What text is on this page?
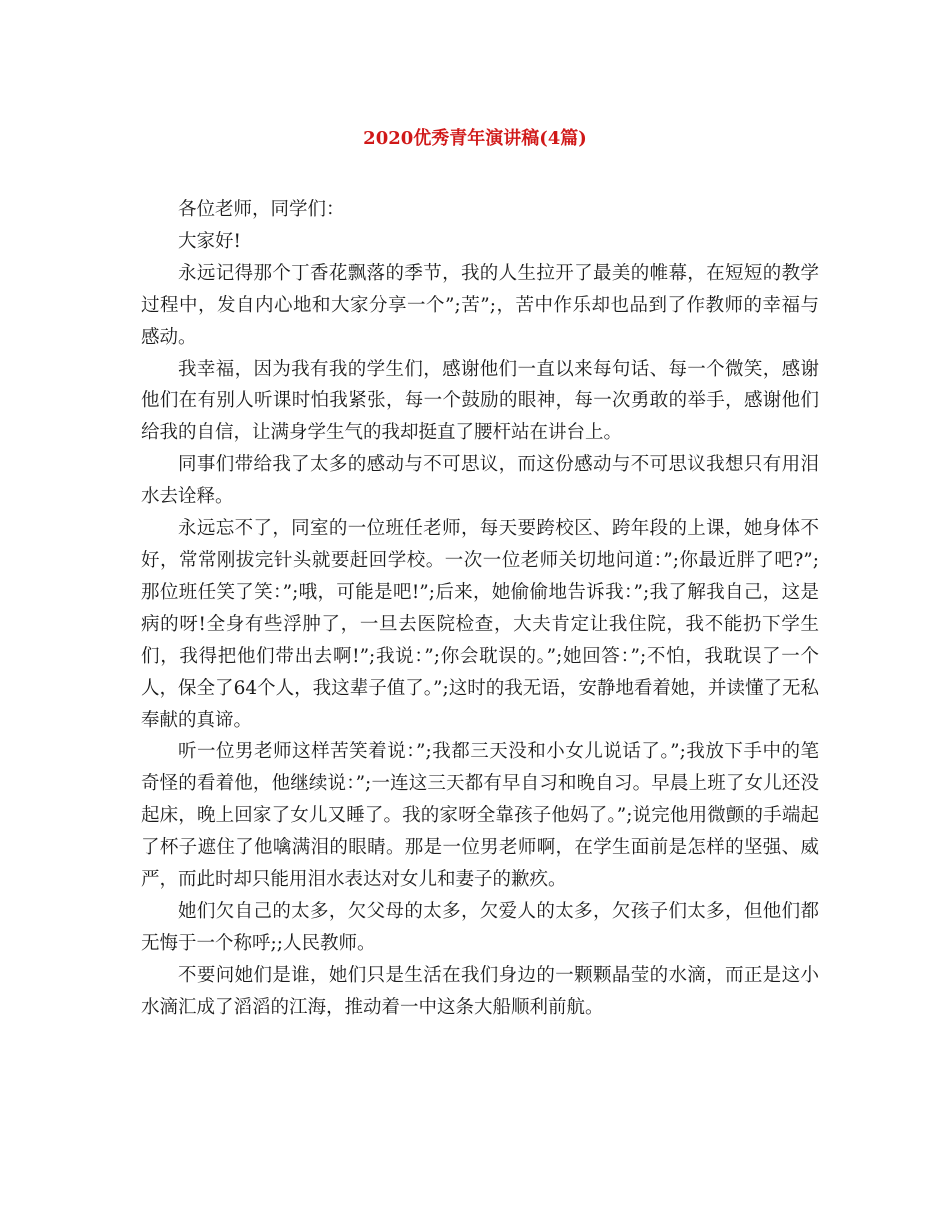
2020优秀青年演讲稿(4篇)

各位老师，同学们：

大家好!

永远记得那个丁香花飘落的季节，我的人生拉开了最美的帷幕，在短短的教学过程中，发自内心地和大家分享一个”;苦”;，苦中作乐却也品到了作教师的幸福与感动。

我幸福，因为我有我的学生们，感谢他们一直以来每句话、每一个微笑，感谢他们在有别人听课时怕我紧张，每一个鼓励的眼神，每一次勇敢的举手，感谢他们给我的自信，让满身学生气的我却挺直了腰杆站在讲台上。

同事们带给我了太多的感动与不可思议，而这份感动与不可思议我想只有用泪水去诠释。

永远忘不了，同室的一位班任老师，每天要跨校区、跨年段的上课，她身体不好，常常刚拔完针头就要赶回学校。一次一位老师关切地问道：”;你最近胖了吧?”;那位班任笑了笑：”;哦，可能是吧!”;后来，她偷偷地告诉我：”;我了解我自己，这是病的呀!全身有些浮肿了，一旦去医院检查，大夫肯定让我住院，我不能扔下学生们，我得把他们带出去啊!”;我说：”;你会耽误的。”;她回答：”;不怕，我耽误了一个人，保全了64个人，我这辈子值了。”;这时的我无语，安静地看着她，并读懂了无私奉献的真谛。

听一位男老师这样苦笑着说：”;我都三天没和小女儿说话了。”;我放下手中的笔奇怪的看着他，他继续说：”;一连这三天都有早自习和晚自习。早晨上班了女儿还没起床，晚上回家了女儿又睡了。我的家呀全靠孩子他妈了。”;说完他用微颤的手端起了杯子遮住了他噙满泪的眼睛。那是一位男老师啊，在学生面前是怎样的坚强、威严，而此时却只能用泪水表达对女儿和妻子的歉疚。

她们欠自己的太多，欠父母的太多，欠爱人的太多，欠孩子们太多，但他们都无悔于一个称呼;;人民教师。

不要问她们是谁，她们只是生活在我们身边的一颗颗晶莹的水滴，而正是这小水滴汇成了滔滔的江海，推动着一中这条大船顺利前航。
